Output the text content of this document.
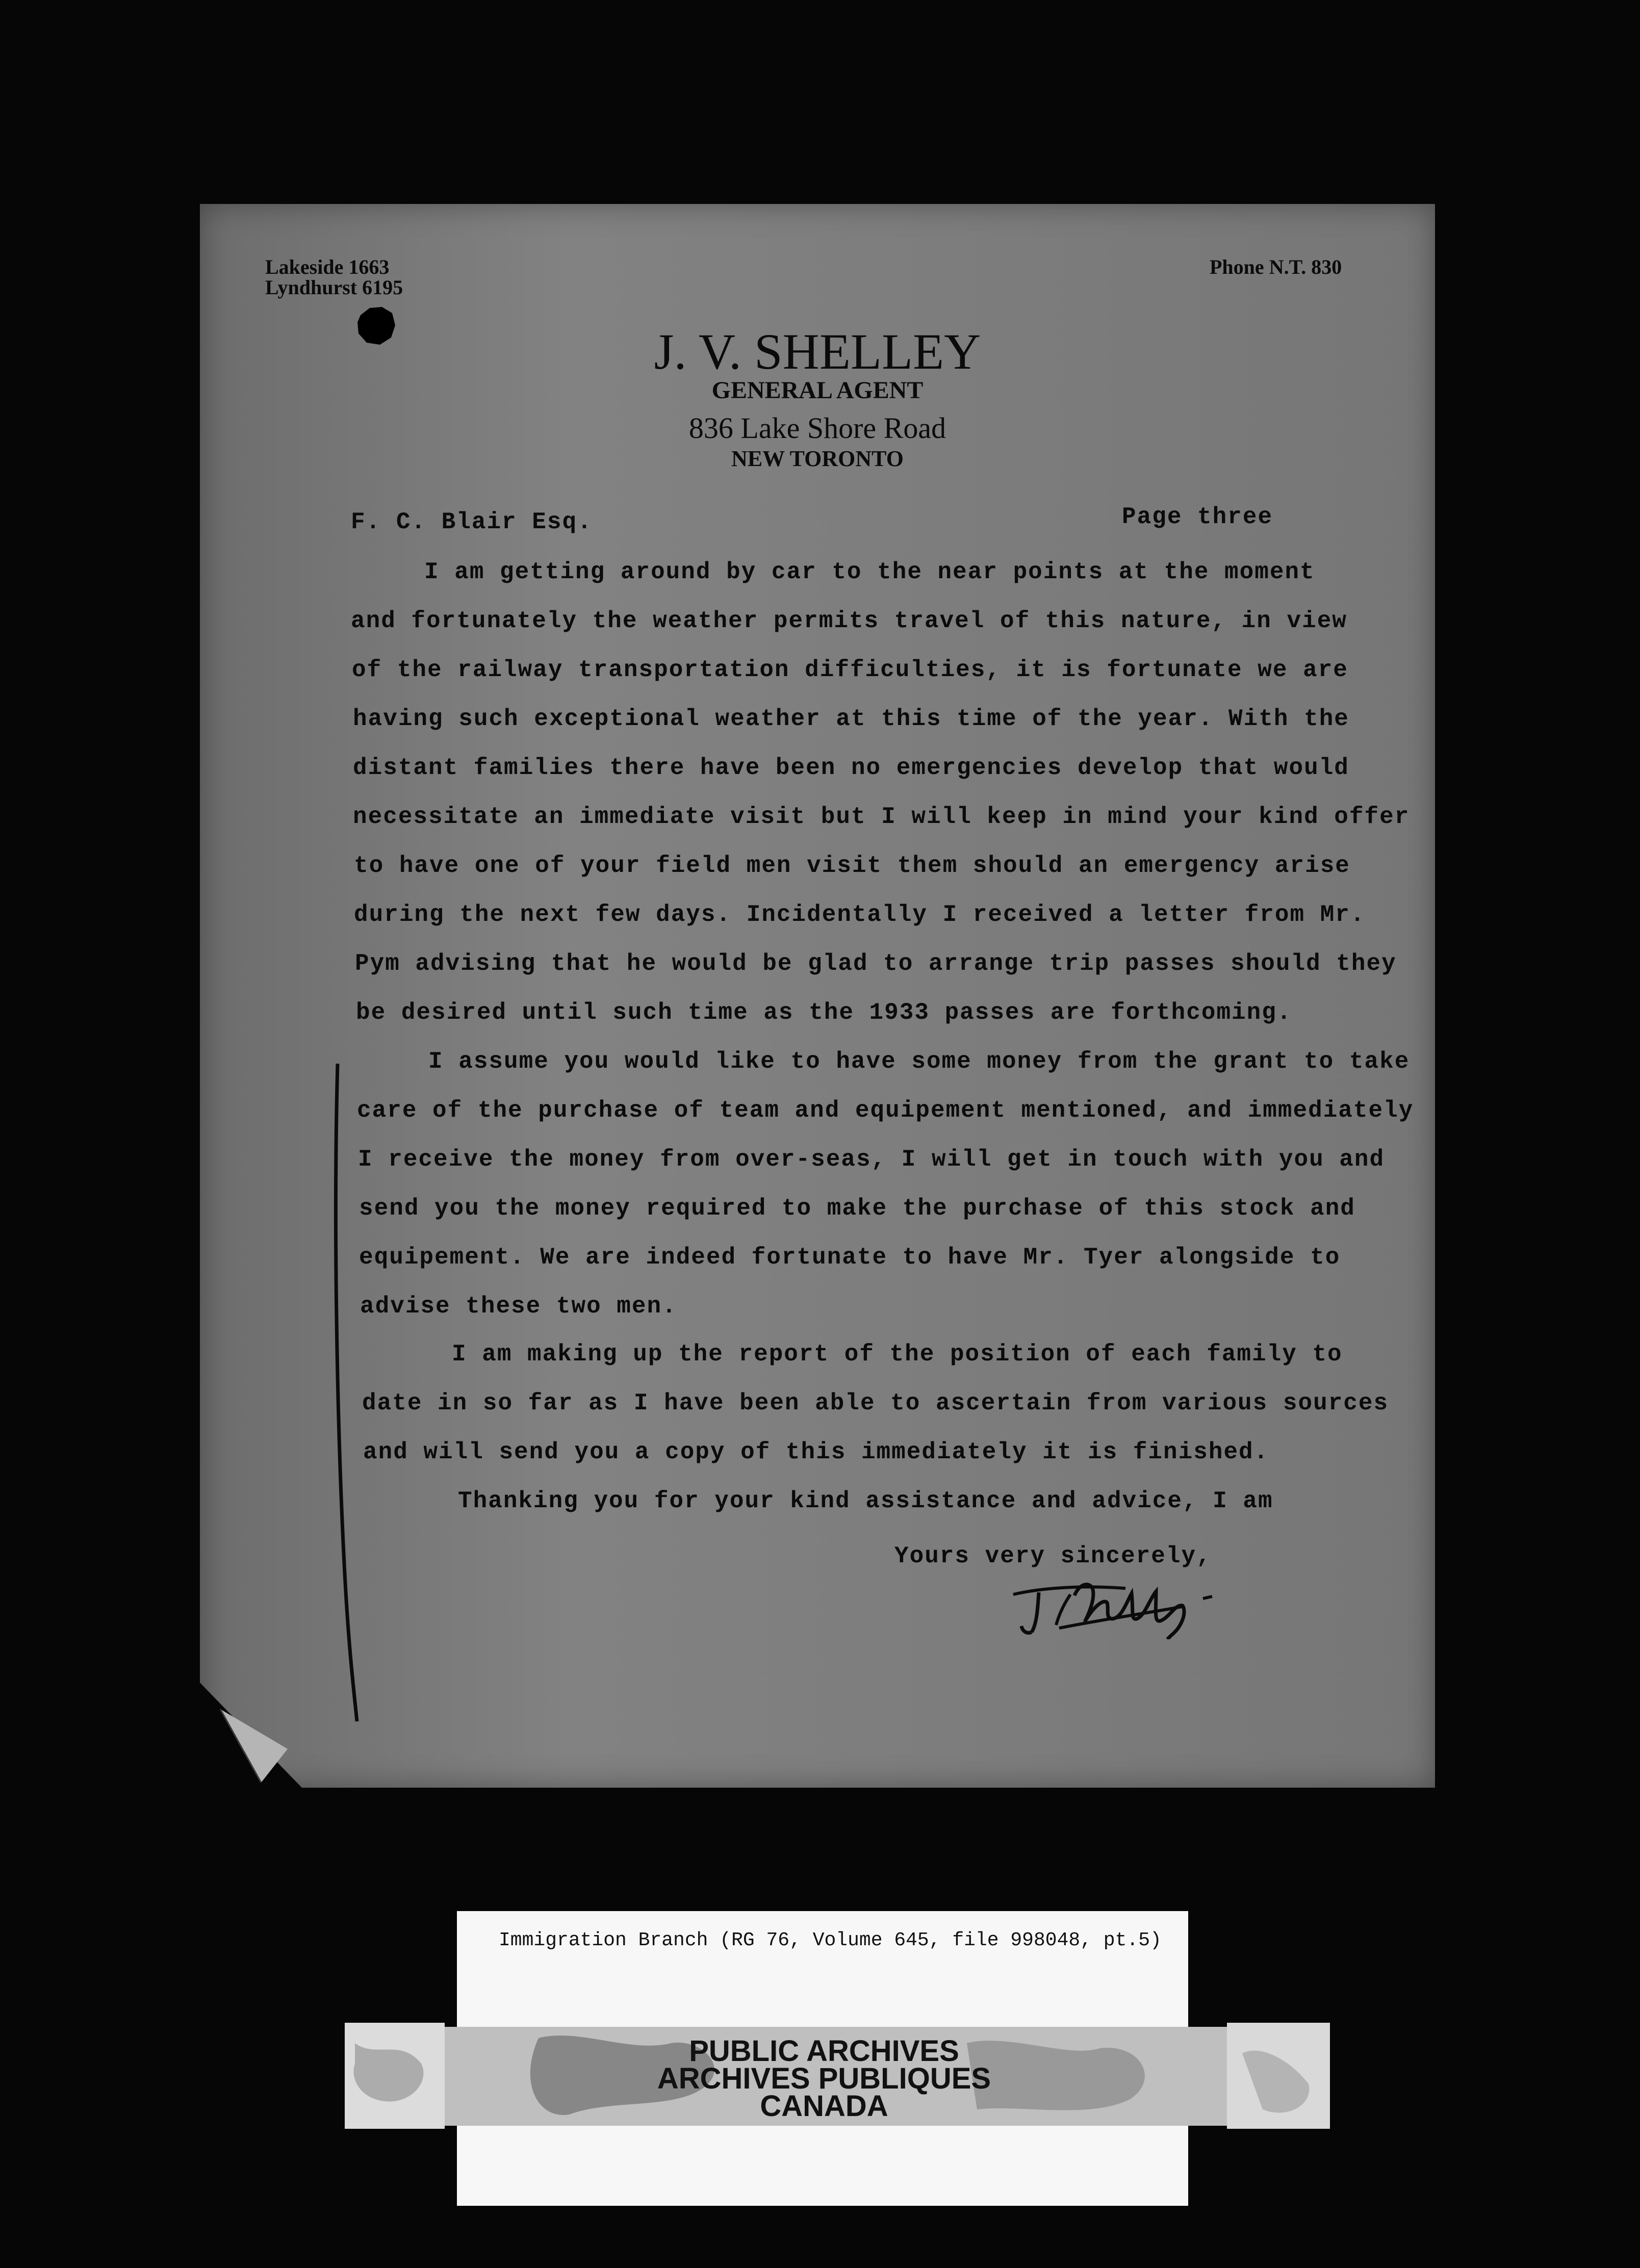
Lakeside 1663
Lyndhurst 6195
Phone N.T. 830
J. V. SHELLEY
GENERAL AGENT
836 Lake Shore Road
NEW TORONTO
F. C. Blair Esq.	Page three
I am getting around by car to the near points at the moment
and fortunately the weather permits travel of this nature, in view
of the railway transportation difficulties, it is fortunate we are
having such exceptional weather at this time of the year. With the
distant families there have been no emergencies develop that would
necessitate an immediate visit but I will keep in mind your kind offer
to have one of your field men visit them should an emergency arise
during the next few days. Incidentally I received a letter from Mr.
Pym advising that he would be glad to arrange trip passes should they
be desired until such time as the 1933 passes are forthcoming.
I assume you would like to have some money from the grant to take
care of the purchase of team and equipement mentioned, and immediately
I receive the money from over-seas, I will get in touch with you and
send you the money required to make the purchase of this stock and
equipement. We are indeed fortunate to have Mr. Tyer alongside to
advise these two men.
I am making up the report of the position of each family to
date in so far as I have been able to ascertain from various sources
and will send you a copy of this immediately it is finished.
Thanking you for your kind assistance and advice, I am
Yours very sincerely,
Immigration Branch (RG 76, Volume 645, file 998048, pt.5)
PUBLIC ARCHIVES
ARCHIVES PUBLIQUES
CANADA
